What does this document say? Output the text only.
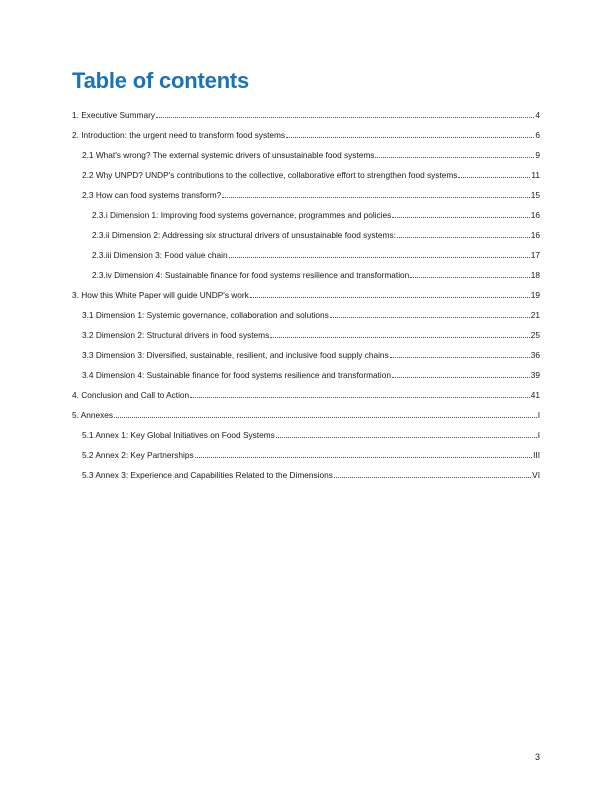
Table of contents
1. Executive Summary	4
2. Introduction: the urgent need to transform food systems	6
2.1 What's wrong? The external systemic drivers of unsustainable food systems	9
2.2 Why UNPD? UNDP's contributions to the collective, collaborative effort to strengthen food systems	11
2.3 How can food systems transform?	15
2.3.i Dimension 1: Improving food systems governance, programmes and policies	16
2.3.ii Dimension 2: Addressing six structural drivers of unsustainable food systems:	16
2.3.iii Dimension 3: Food value chain	17
2.3.iv Dimension 4: Sustainable finance for food systems resilience and transformation	18
3. How this White Paper will guide UNDP's work	19
3.1 Dimension 1: Systemic governance, collaboration and solutions	21
3.2 Dimension 2: Structural drivers in food systems	25
3.3 Dimension 3: Diversified, sustainable, resilient, and inclusive food supply chains	36
3.4 Dimension 4: Sustainable finance for food systems resilience and transformation	39
4. Conclusion and Call to Action	41
5. Annexes	I
5.1 Annex 1: Key Global Initiatives on Food Systems	I
5.2 Annex 2: Key Partnerships	III
5.3 Annex 3: Experience and Capabilities Related to the Dimensions	VI
3
